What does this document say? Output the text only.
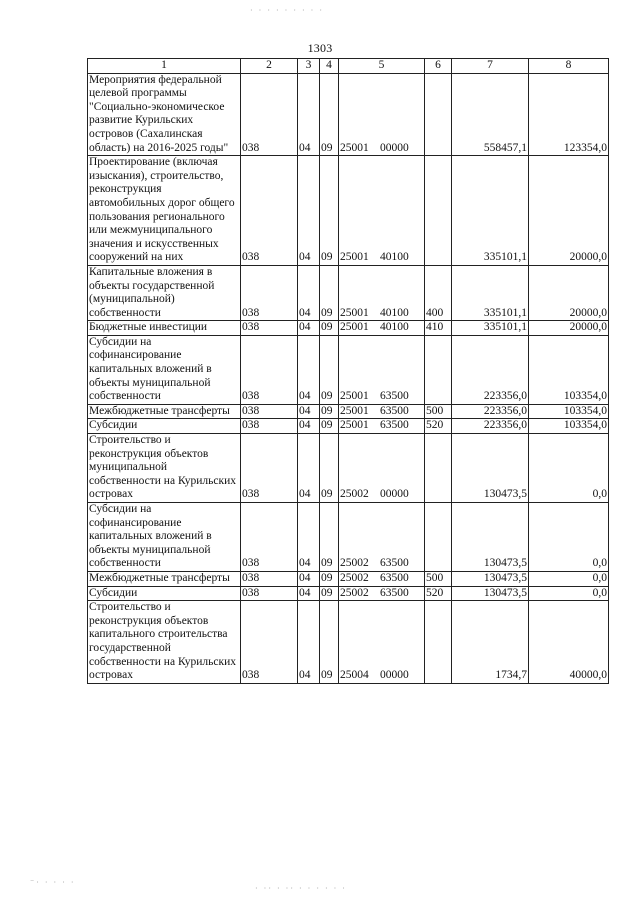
· · · · · · · · ·
1303
1	2	3	4	5	6	7	8
Мероприятия федеральной целевой программы "Социально-экономическое развитие Курильских островов (Сахалинская область) на 2016-2025 годы"	038	04	09	25001 00000		558457,1	123354,0
Проектирование (включая изыскания), строительство, реконструкция автомобильных дорог общего пользования регионального или межмуниципального значения и искусственных сооружений на них	038	04	09	25001 40100		335101,1	20000,0
Капитальные вложения в объекты государственной (муниципальной) собственности	038	04	09	25001 40100	400	335101,1	20000,0
Бюджетные инвестиции	038	04	09	25001 40100	410	335101,1	20000,0
Субсидии на софинансирование капитальных вложений в объекты муниципальной собственности	038	04	09	25001 63500		223356,0	103354,0
Межбюджетные трансферты	038	04	09	25001 63500	500	223356,0	103354,0
Субсидии	038	04	09	25001 63500	520	223356,0	103354,0
Строительство и реконструкция объектов муниципальной собственности на Курильских островах	038	04	09	25002 00000		130473,5	0,0
Субсидии на софинансирование капитальных вложений в объекты муниципальной собственности	038	04	09	25002 63500		130473,5	0,0
Межбюджетные трансферты	038	04	09	25002 63500	500	130473,5	0,0
Субсидии	038	04	09	25002 63500	520	130473,5	0,0
Строительство и реконструкция объектов капитального строительства государственной собственности на Курильских островах	038	04	09	25004 00000		1734,7	40000,0
⁻· · · · ·
· ·· · ·· · · · · · ·
